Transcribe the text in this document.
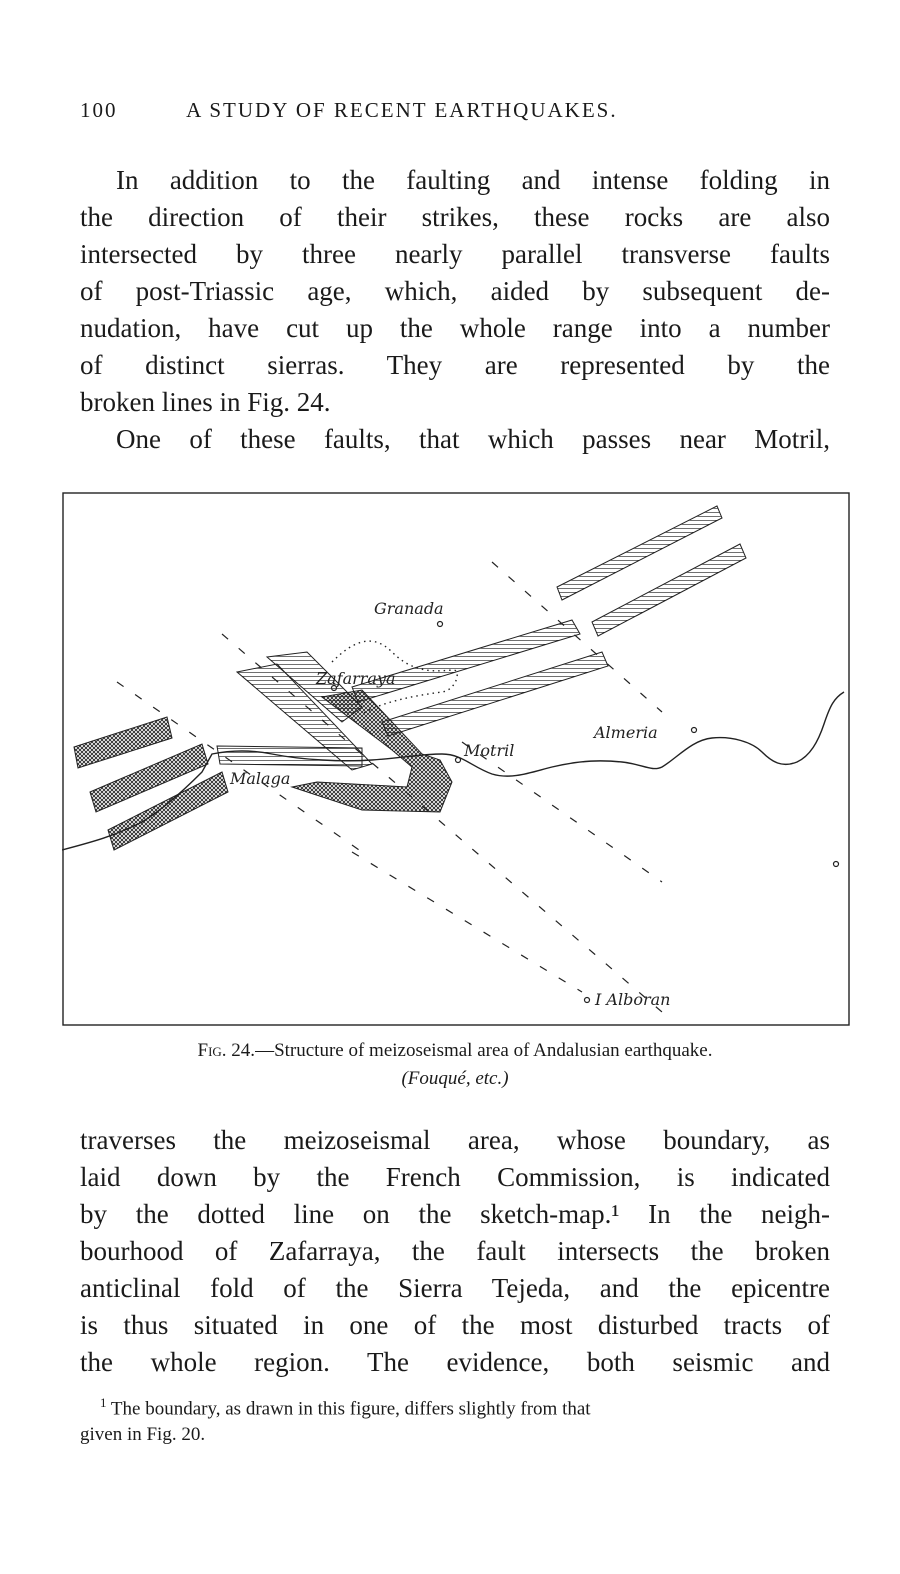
100	A STUDY OF RECENT EARTHQUAKES.
In addition to the faulting and intense folding in
the direction of their strikes, these rocks are also
intersected by three nearly parallel transverse faults
of post-Triassic age, which, aided by subsequent de-
nudation, have cut up the whole range into a number
of distinct sierras. They are represented by the
broken lines in Fig. 24.
One of these faults, that which passes near Motril,
Granada
Zafarraya
Motril
Almeria
Malaga
I Alboran
Fig. 24.—Structure of meizoseismal area of Andalusian earthquake.
(Fouqué, etc.)
traverses the meizoseismal area, whose boundary, as
laid down by the French Commission, is indicated
by the dotted line on the sketch-map.¹ In the neigh-
bourhood of Zafarraya, the fault intersects the broken
anticlinal fold of the Sierra Tejeda, and the epicentre
is thus situated in one of the most disturbed tracts of
the whole region. The evidence, both seismic and
$^1$ The boundary, as drawn in this figure, differs slightly from that
given in Fig. 20.
